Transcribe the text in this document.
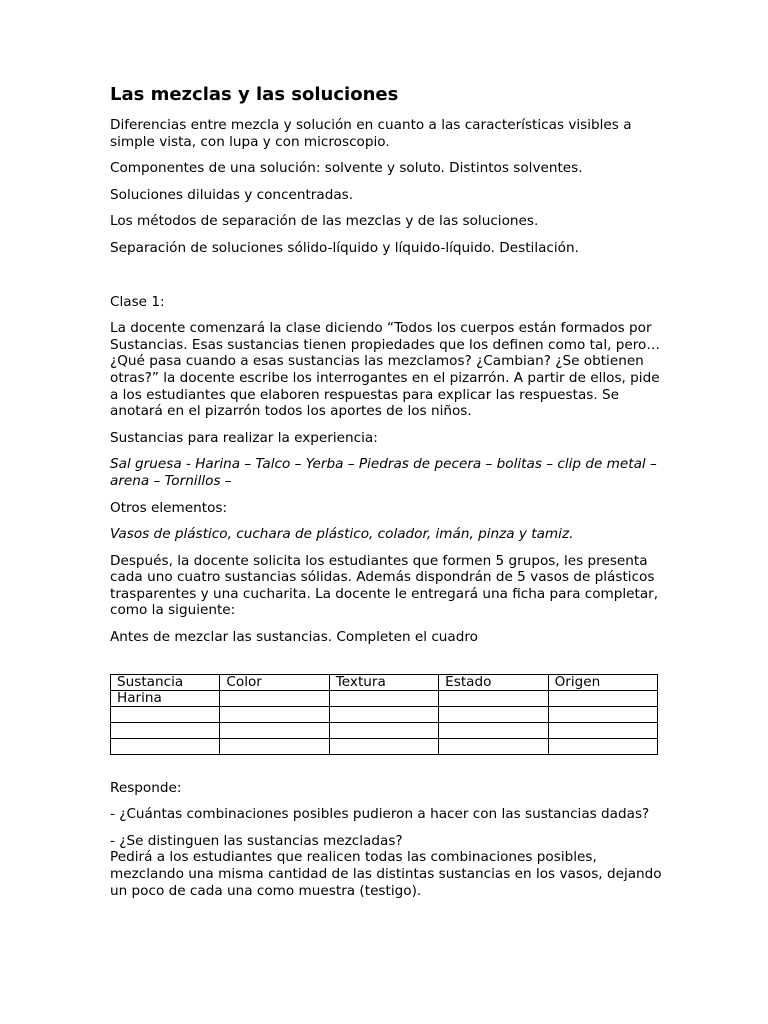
Las mezclas y las soluciones

Diferencias entre mezcla y solución en cuanto a las características visibles a simple vista, con lupa y con microscopio.

Componentes de una solución: solvente y soluto. Distintos solventes.

Soluciones diluidas y concentradas.

Los métodos de separación de las mezclas y de las soluciones.

Separación de soluciones sólido-líquido y líquido-líquido. Destilación.

Clase 1:

La docente comenzará la clase diciendo “Todos los cuerpos están formados por Sustancias. Esas sustancias tienen propiedades que los definen como tal, pero… ¿Qué pasa cuando a esas sustancias las mezclamos? ¿Cambian? ¿Se obtienen otras?” la docente escribe los interrogantes en el pizarrón. A partir de ellos, pide a los estudiantes que elaboren respuestas para explicar las respuestas. Se anotará en el pizarrón todos los aportes de los niños.

Sustancias para realizar la experiencia:

Sal gruesa - Harina – Talco – Yerba – Piedras de pecera – bolitas – clip de metal –arena – Tornillos –

Otros elementos:

Vasos de plástico, cuchara de plástico, colador, imán, pinza y tamiz.

Después, la docente solicita los estudiantes que formen 5 grupos, les presenta cada uno cuatro sustancias sólidas. Además dispondrán de 5 vasos de plásticos trasparentes y una cucharita. La docente le entregará una ficha para completar, como la siguiente:

Antes de mezclar las sustancias. Completen el cuadro

Sustancia	Color	Textura	Estado	Origen
Harina				

Responde:

- ¿Cuántas combinaciones posibles pudieron a hacer con las sustancias dadas?

- ¿Se distinguen las sustancias mezcladas?

Pedirá a los estudiantes que realicen todas las combinaciones posibles, mezclando una misma cantidad de las distintas sustancias en los vasos, dejando un poco de cada una como muestra (testigo).
